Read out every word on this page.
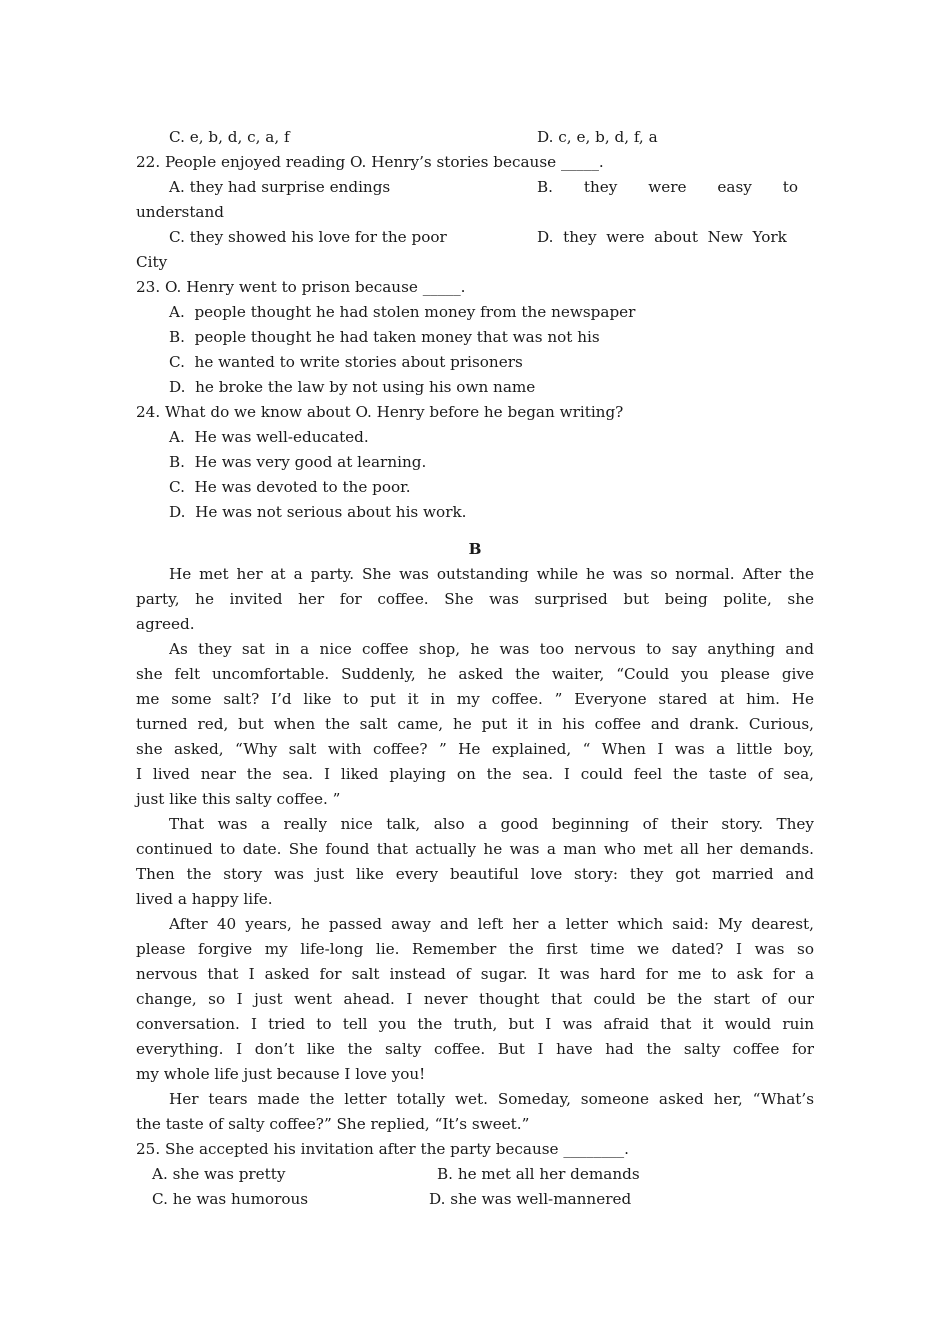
C. e, b, d, c, a, f	D. c, e, b, d, f, a
22. People enjoyed reading O. Henry’s stories because _____.
A. they had surprise endings	B.  they  were  easy  to
understand
C. they showed his love for the poor	D.  they  were  about  New  York
City
23. O. Henry went to prison because _____.
A.  people thought he had stolen money from the newspaper
B.  people thought he had taken money that was not his
C.  he wanted to write stories about prisoners
D.  he broke the law by not using his own name
24. What do we know about O. Henry before he began writing?
A.  He was well-educated.
B.  He was very good at learning.
C.  He was devoted to the poor.
D.  He was not serious about his work.
B
He met her at a party. She was outstanding while he was so normal. After the
party, he invited her for coffee. She was surprised but being polite, she
agreed.
As they sat in a nice coffee shop, he was too nervous to say anything and
she felt uncomfortable. Suddenly, he asked the waiter, “Could you please give
me some salt? I’d like to put it in my coffee. ” Everyone stared at him. He
turned red, but when the salt came, he put it in his coffee and drank. Curious,
she asked, “Why salt with coffee? ” He explained, “ When I was a little boy,
I lived near the sea. I liked playing on the sea. I could feel the taste of sea,
just like this salty coffee. ”
That was a really nice talk, also a good beginning of their story. They
continued to date. She found that actually he was a man who met all her demands.
Then the story was just like every beautiful love story: they got married and
lived a happy life.
After 40 years, he passed away and left her a letter which said: My dearest,
please forgive my life-long lie. Remember the first time we dated? I was so
nervous that I asked for salt instead of sugar. It was hard for me to ask for a
change, so I just went ahead. I never thought that could be the start of our
conversation. I tried to tell you the truth, but I was afraid that it would ruin
everything. I don’t like the salty coffee. But I have had the salty coffee for
my whole life just because I love you!
Her tears made the letter totally wet. Someday, someone asked her, “What’s
the taste of salty coffee?” She replied, “It’s sweet.”
25. She accepted his invitation after the party because ________.
A. she was pretty	B. he met all her demands
C. he was humorous	D. she was well-mannered
